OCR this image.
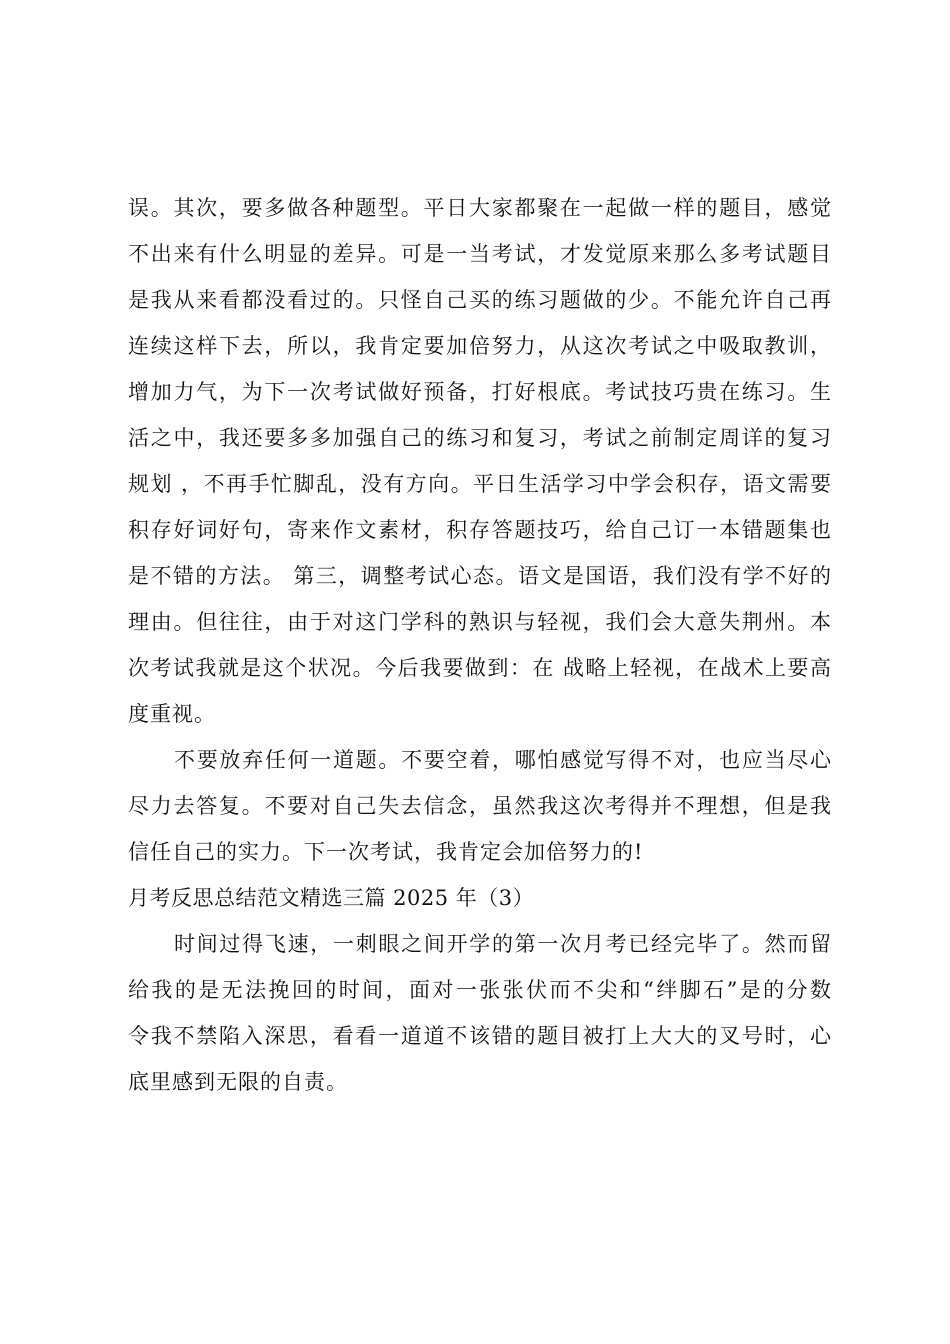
误。其次，要多做各种题型。平日大家都聚在一起做一样的题目，感觉
不出来有什么明显的差异。可是一当考试，才发觉原来那么多考试题目
是我从来看都没看过的。只怪自己买的练习题做的少。不能允许自己再
连续这样下去，所以，我肯定要加倍努力，从这次考试之中吸取教训，
增加力气，为下一次考试做好预备，打好根底。考试技巧贵在练习。生
活之中，我还要多多加强自己的练习和复习，考试之前制定周详的复习
规划 ，不再手忙脚乱，没有方向。平日生活学习中学会积存，语文需要
积存好词好句，寄来作文素材，积存答题技巧，给自己订一本错题集也
是不错的方法。 第三，调整考试心态。语文是国语，我们没有学不好的
理由。但往往，由于对这门学科的熟识与轻视，我们会大意失荆州。本
次考试我就是这个状况。今后我要做到：在 战略上轻视，在战术上要高
度重视。
不要放弃任何一道题。不要空着，哪怕感觉写得不对，也应当尽心
尽力去答复。不要对自己失去信念，虽然我这次考得并不理想，但是我
信任自己的实力。下一次考试，我肯定会加倍努力的!
月考反思总结范文精选三篇 2025 年（3）
时间过得飞速，一刺眼之间开学的第一次月考已经完毕了。然而留
给我的是无法挽回的时间，面对一张张伏而不尖和“绊脚石”是的分数
令我不禁陷入深思，看看一道道不该错的题目被打上大大的叉号时，心
底里感到无限的自责。
